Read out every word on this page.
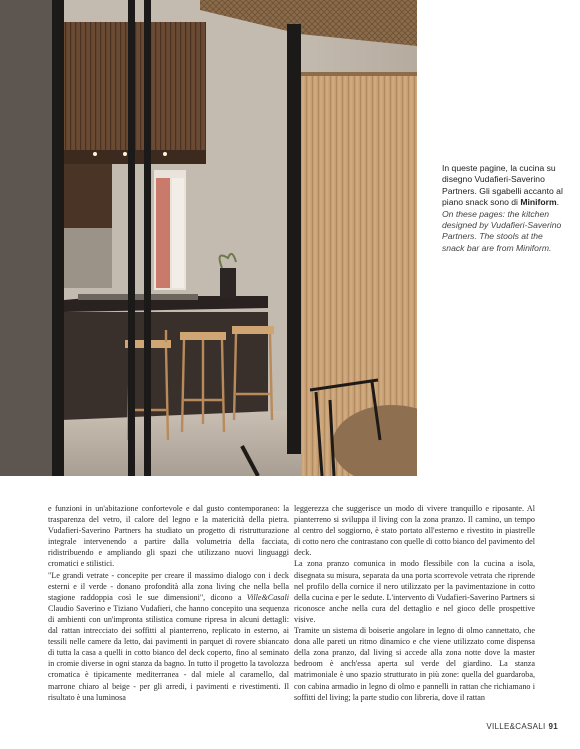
In queste pagine, la cucina su disegno Vudafieri-Saverino Partners. Gli sgabelli accanto al piano snack sono di Miniform.
On these pages: the kitchen designed by Vudafieri-Saverino Partners. The stools at the snack bar are from Miniform.

e funzioni in un'abitazione confortevole e dal gusto contemporaneo: la trasparenza del vetro, il calore del legno e la matericità della pietra. Vudafieri-Saverino Partners ha studiato un progetto di ristrutturazione integrale intervenendo a partire dalla volumetria della facciata, ridistribuendo e ampliando gli spazi che utilizzano nuovi linguaggi cromatici e stilistici.

"Le grandi vetrate - concepite per creare il massimo dialogo con i deck esterni e il verde - donano profondità alla zona living che nella bella stagione raddoppia così le sue dimensioni", dicono a Ville&Casali Claudio Saverino e Tiziano Vudafieri, che hanno concepito una sequenza di ambienti con un'impronta stilistica comune ripresa in alcuni dettagli: dal rattan intrecciato dei soffitti al pianterreno, replicato in esterno, ai tessili nelle camere da letto, dai pavimenti in parquet di rovere sbiancato di tutta la casa a quelli in cotto bianco del deck coperto, fino al seminato in cromie diverse in ogni stanza da bagno. In tutto il progetto la tavolozza cromatica è tipicamente mediterranea - dal miele al caramello, dal marrone chiaro al beige - per gli arredi, i pavimenti e rivestimenti. Il risultato è una luminosa

leggerezza che suggerisce un modo di vivere tranquillo e riposante. Al pianterreno si sviluppa il living con la zona pranzo. Il camino, un tempo al centro del soggiorno, è stato portato all'esterno e rivestito in piastrelle di cotto nero che contrastano con quelle di cotto bianco del pavimento del deck.

La zona pranzo comunica in modo flessibile con la cucina a isola, disegnata su misura, separata da una porta scorrevole vetrata che riprende nel profilo della cornice il nero utilizzato per la pavimentazione in cotto della cucina e per le sedute. L'intervento di Vudafieri-Saverino Partners si riconosce anche nella cura del dettaglio e nel gioco delle prospettive visive.

Tramite un sistema di boiserie angolare in legno di olmo cannettato, che dona alle pareti un ritmo dinamico e che viene utilizzato come dispensa della zona pranzo, dal living si accede alla zona notte dove la master bedroom è anch'essa aperta sul verde del giardino. La stanza matrimoniale è uno spazio strutturato in più zone: quella del guardaroba, con cabina armadio in legno di olmo e pannelli in rattan che richiamano i soffitti del living; la parte studio con libreria, dove il rattan

VILLE&CASALI 91
